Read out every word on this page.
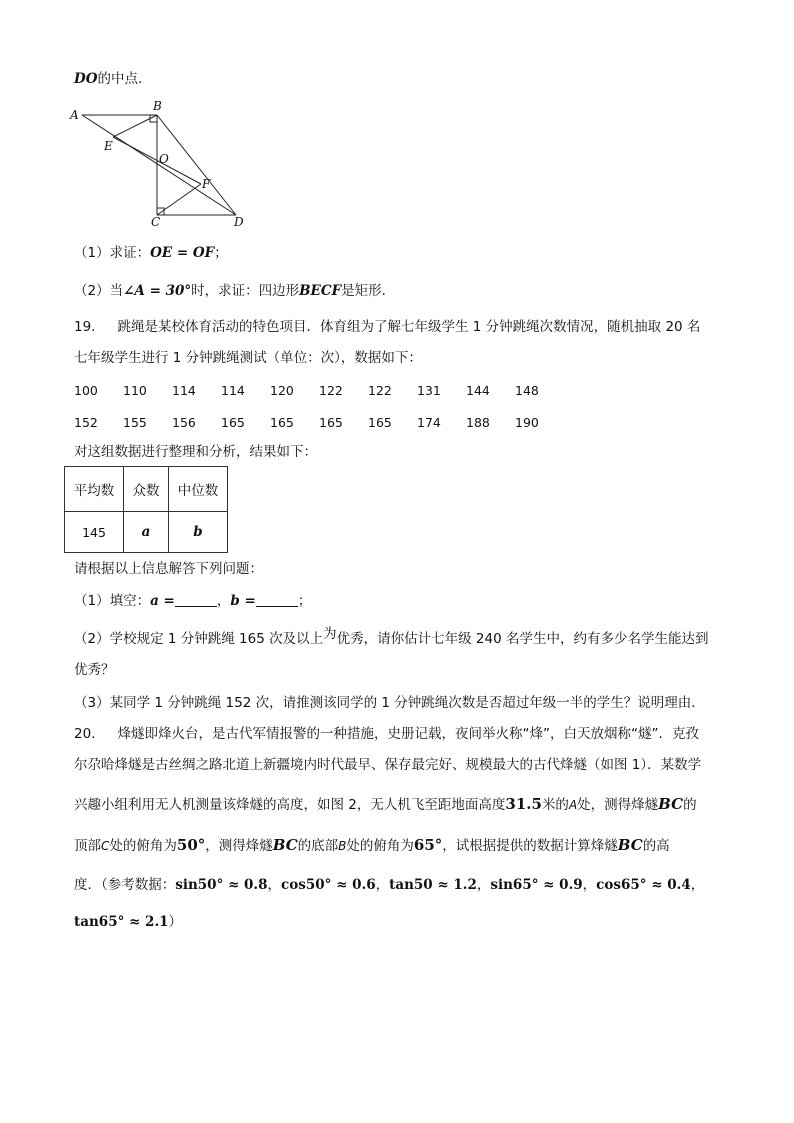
DO的中点．
A
B
E
O
F
C	D
（1）求证：OE = OF；
（2）当∠A = 30°时，求证：四边形BECF是矩形．
19. 跳绳是某校体育活动的特色项目．体育组为了解七年级学生 1 分钟跳绳次数情况，随机抽取 20 名
七年级学生进行 1 分钟跳绳测试（单位：次），数据如下：
100 110 114 114 120 122 122 131 144 148
152 155 156 165 165 165 165 174 188 190
对这组数据进行整理和分析，结果如下：
平均数	众数	中位数
145	a	b
请根据以上信息解答下列问题：
（1）填空：a =	，b =	；
（2）学校规定 1 分钟跳绳 165 次及以上为优秀，请你估计七年级 240 名学生中，约有多少名学生能达到
优秀？
（3）某同学 1 分钟跳绳 152 次，请推测该同学的 1 分钟跳绳次数是否超过年级一半的学生？说明理由．
20. 烽燧即烽火台，是古代军情报警的一种措施，史册记载，夜间举火称“烽”，白天放烟称“燧”．克孜
尔尕哈烽燧是古丝绸之路北道上新疆境内时代最早、保存最完好、规模最大的古代烽燧（如图 1）．某数学
兴趣小组利用无人机测量该烽燧的高度，如图 2，无人机飞至距地面高度31.5米的A处，测得烽燧BC的
顶部C处的俯角为50°，测得烽燧BC的底部B处的俯角为65°，试根据提供的数据计算烽燧BC的高
度．（参考数据：sin50° ≈ 0.8，cos50° ≈ 0.6，tan50 ≈ 1.2，sin65° ≈ 0.9，cos65° ≈ 0.4，
tan65° ≈ 2.1）
